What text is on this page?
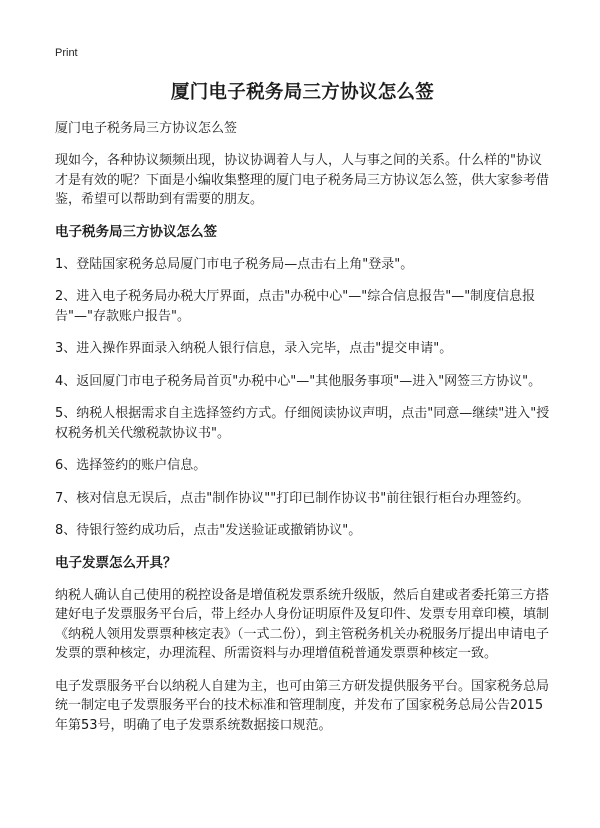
Print
厦门电子税务局三方协议怎么签
厦门电子税务局三方协议怎么签

现如今，各种协议频频出现，协议协调着人与人，人与事之间的关系。什么样的"协议才是有效的呢？下面是小编收集整理的厦门电子税务局三方协议怎么签，供大家参考借鉴，希望可以帮助到有需要的朋友。

电子税务局三方协议怎么签
1、登陆国家税务总局厦门市电子税务局—点击右上角"登录"。
2、进入电子税务局办税大厅界面，点击"办税中心"—"综合信息报告"—"制度信息报告"—"存款账户报告"。
3、进入操作界面录入纳税人银行信息，录入完毕，点击"提交申请"。
4、返回厦门市电子税务局首页"办税中心"—"其他服务事项"—进入"网签三方协议"。
5、纳税人根据需求自主选择签约方式。仔细阅读协议声明，点击"同意—继续"进入"授权税务机关代缴税款协议书"。
6、选择签约的账户信息。
7、核对信息无误后，点击"制作协议""打印已制作协议书"前往银行柜台办理签约。
8、待银行签约成功后，点击"发送验证或撤销协议"。
电子发票怎么开具？

纳税人确认自己使用的税控设备是增值税发票系统升级版，然后自建或者委托第三方搭建好电子发票服务平台后，带上经办人身份证明原件及复印件、发票专用章印模，填制《纳税人领用发票票种核定表》（一式二份），到主管税务机关办税服务厅提出申请电子发票的票种核定，办理流程、所需资料与办理增值税普通发票票种核定一致。

电子发票服务平台以纳税人自建为主，也可由第三方研发提供服务平台。国家税务总局统一制定电子发票服务平台的技术标准和管理制度，并发布了国家税务总局公告2015年第53号，明确了电子发票系统数据接口规范。
